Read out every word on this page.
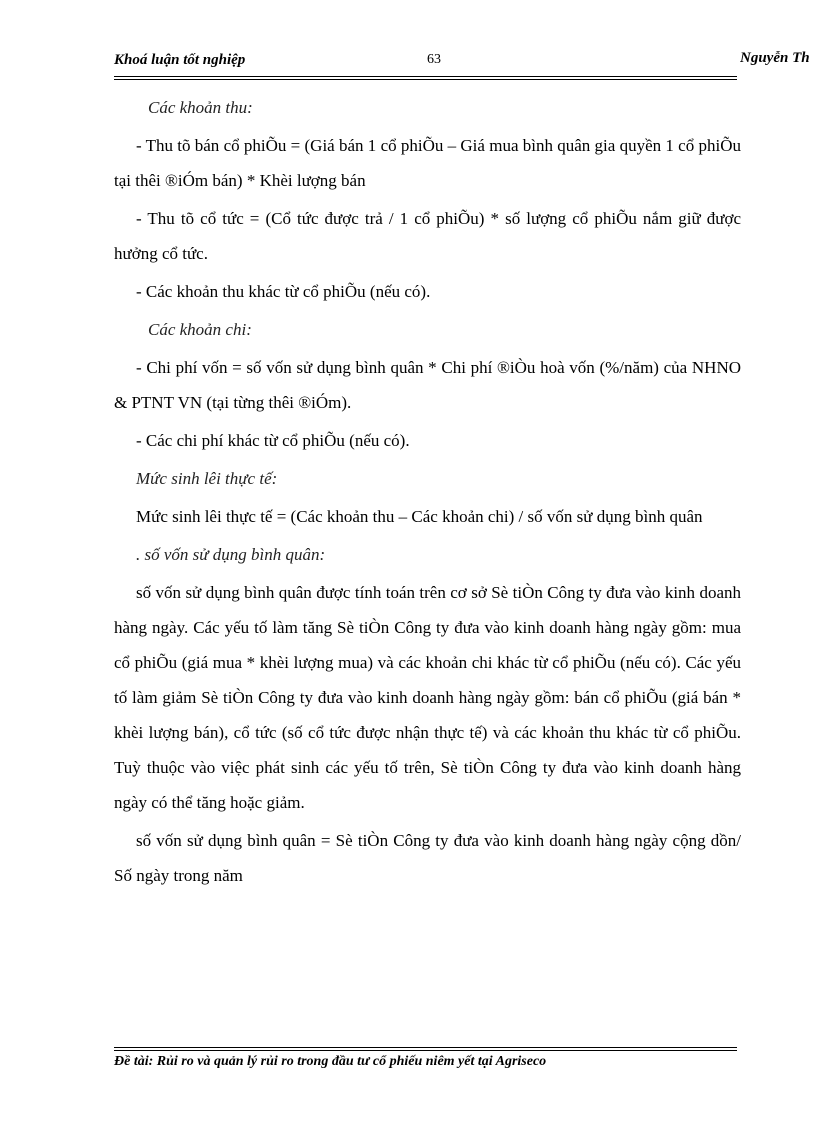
Khoá luận tốt nghiệp	63	Nguyễn Th

Các khoản thu:

- Thu tõ bán cổ phiÕu = (Giá bán 1 cổ phiÕu – Giá mua bình quân gia quyền 1 cổ phiÕu tại thêi ®iÓm bán) * Khèi lượng bán

- Thu tõ cổ tức = (Cổ tức được trả / 1 cổ phiÕu) * số lượng cổ phiÕu nắm giữ được hưởng cổ tức.

- Các khoản thu khác từ cổ phiÕu (nếu có).

Các khoản chi:

- Chi phí vốn = số vốn sử dụng bình quân * Chi phí ®iÒu hoà vốn (%/năm) của NHNO & PTNT VN (tại từng thêi ®iÓm).

- Các chi phí khác từ cổ phiÕu (nếu có).

Mức sinh lêi thực tế:

Mức sinh lêi thực tế = (Các khoản thu – Các khoản chi) / số vốn sử dụng bình quân

. số vốn sử dụng bình quân:

số vốn sử dụng bình quân được tính toán trên cơ sở Sè tiÒn Công ty đưa vào kinh doanh hàng ngày. Các yếu tố làm tăng Sè tiÒn Công ty đưa vào kinh doanh hàng ngày gồm: mua cổ phiÕu (giá mua * khèi lượng mua) và các khoản chi khác từ cổ phiÕu (nếu có). Các yếu tố làm giảm Sè tiÒn Công ty đưa vào kinh doanh hàng ngày gồm: bán cổ phiÕu (giá bán * khèi lượng bán), cổ tức (số cổ tức được nhận thực tế) và các khoản thu khác từ cổ phiÕu. Tuỳ thuộc vào việc phát sinh các yếu tố trên, Sè tiÒn Công ty đưa vào kinh doanh hàng ngày có thể tăng hoặc giảm.

số vốn sử dụng bình quân = Sè tiÒn Công ty đưa vào kinh doanh hàng ngày cộng dồn/ Số ngày trong năm

Đề tài: Rủi ro và quản lý rủi ro trong đầu tư cổ phiếu niêm yết tại Agriseco
